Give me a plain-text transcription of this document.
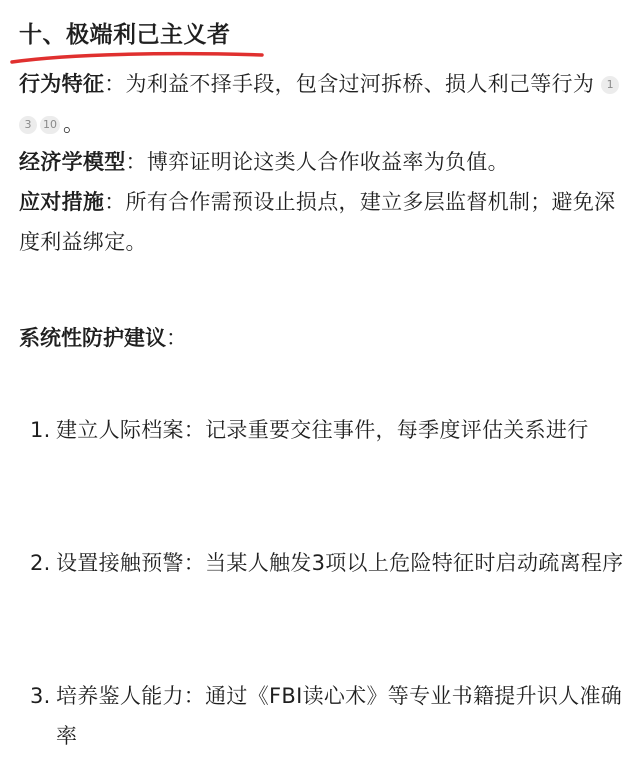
十、极端利己主义者
行为特征：为利益不择手段，包含过河拆桥、损人利己等行为 13 10 。
经济学模型：博弈证明论这类人合作收益率为负值。
应对措施：所有合作需预设止损点，建立多层监督机制；避免深度利益绑定。
系统性防护建议：
1. 建立人际档案：记录重要交往事件，每季度评估关系进行
2. 设置接触预警：当某人触发3项以上危险特征时启动疏离程序
3. 培养鉴人能力：通过《FBI读心术》等专业书籍提升识人准确率
